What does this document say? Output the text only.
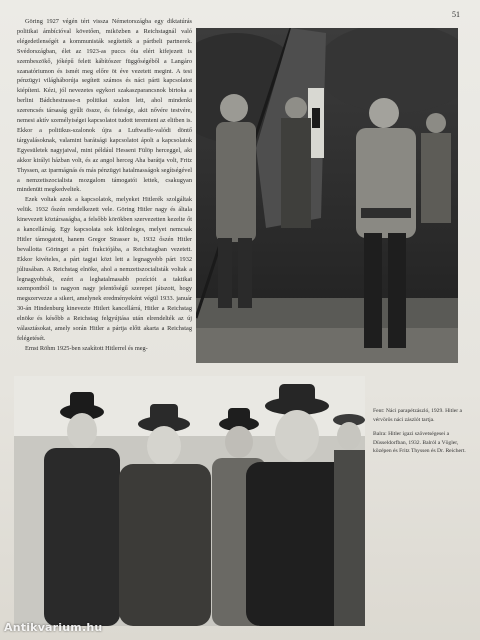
51

Göring 1927 végén tért vissza Németországba egy diktatúrás politikai ámbícióval követően, miközben a Reichstagnál való elégedetlenségét a kommunisták segítették a pártbeli partnerek. Svédországban, élet az 1923-as puccs óta elért kifejezett is szembeszökő, jóképű felett kábítószer függőségéből a Langáro szanatóriumon és ismét meg előre öt éve vezetett megint. A tesi pénzügyi világháborúja segített számos és náci párti kapcsolatot kiépíteni. Kézi, jól nevezetes egykori szakaszparancsnok birtoka a berlini Bádchestrasse-n politikai szalon lett, ahol mindenki szerencsés társaság gyűlt össze, és felesége, akit nővére testvére, nemesi aktív személyiségei kapcsolatot tudott teremteni az elitben is. Ekkor a politikus-szalonok újra a Luftwaffe-valódi döntő tárgyalásoknak, valamint barátsági kapcsolatot ápolt a kapcsolatok Egyesületek nagyjaival, mint például Hesseni Fülöp herceggel, aki akkor királyi házban volt, és az angol herceg Aha barátja volt, Fritz Thyssen, az iparmágnás és más pénzügyi hatalmasságok segítségével a nemzetiszocialista mozgalom támogatói lettek, csakugyan mindenütt megkedveltek.

Ezek voltak azok a kapcsolatok, melyeket Hitlerék szolgáltak velük. 1932 őszén rendelkezett vele. Göring Hitler nagy és általa kinevezett köztársaságba, a felsőbb körökben szervezetten kezelte őt a kancellárság. Egy kapcsolata sok különleges, melyet nemcsak Hitler támogatott, hanem Gregor Strasser is, 1932 őszén Hitler bevallotta Göringet a párt frakciójába, a Reichstagban vezetett. Ekkor kivételes, a párt tagjai közt lett a legnagyobb párt 1932 júliusában. A Reichstag elnöke, ahol a nemzetiszocialisták voltak a legnagyobbak, ezért a leghatalmasabb pozíciót a taktikai szempontból is nagyon nagy jelentőségű szerepet játszott, hogy megszervezze a sikert, amelynek eredményeként végül 1933. január 30-án Hindenburg kinevezte Hitlert kancellárrá, Hitler a Reichstag elnöke és később a Reichstag felgyújtása után elrendelték az új választásokat, amely során Hitler a pártja előtt akarta a Reichstag felégetését.

Ernst Röhm 1925-ben szakított Hitlerrel és meg-

Fent: Náci parapétzászló, 1929. Hitler a vérvörös náci zászlót tartja.

Balra: Hitler igazi szövetségesei a Düsseldorfban, 1932. Balról a Vögler, középen és Fritz Thyssen és Dr. Reichert.

Antikvarium.hu
